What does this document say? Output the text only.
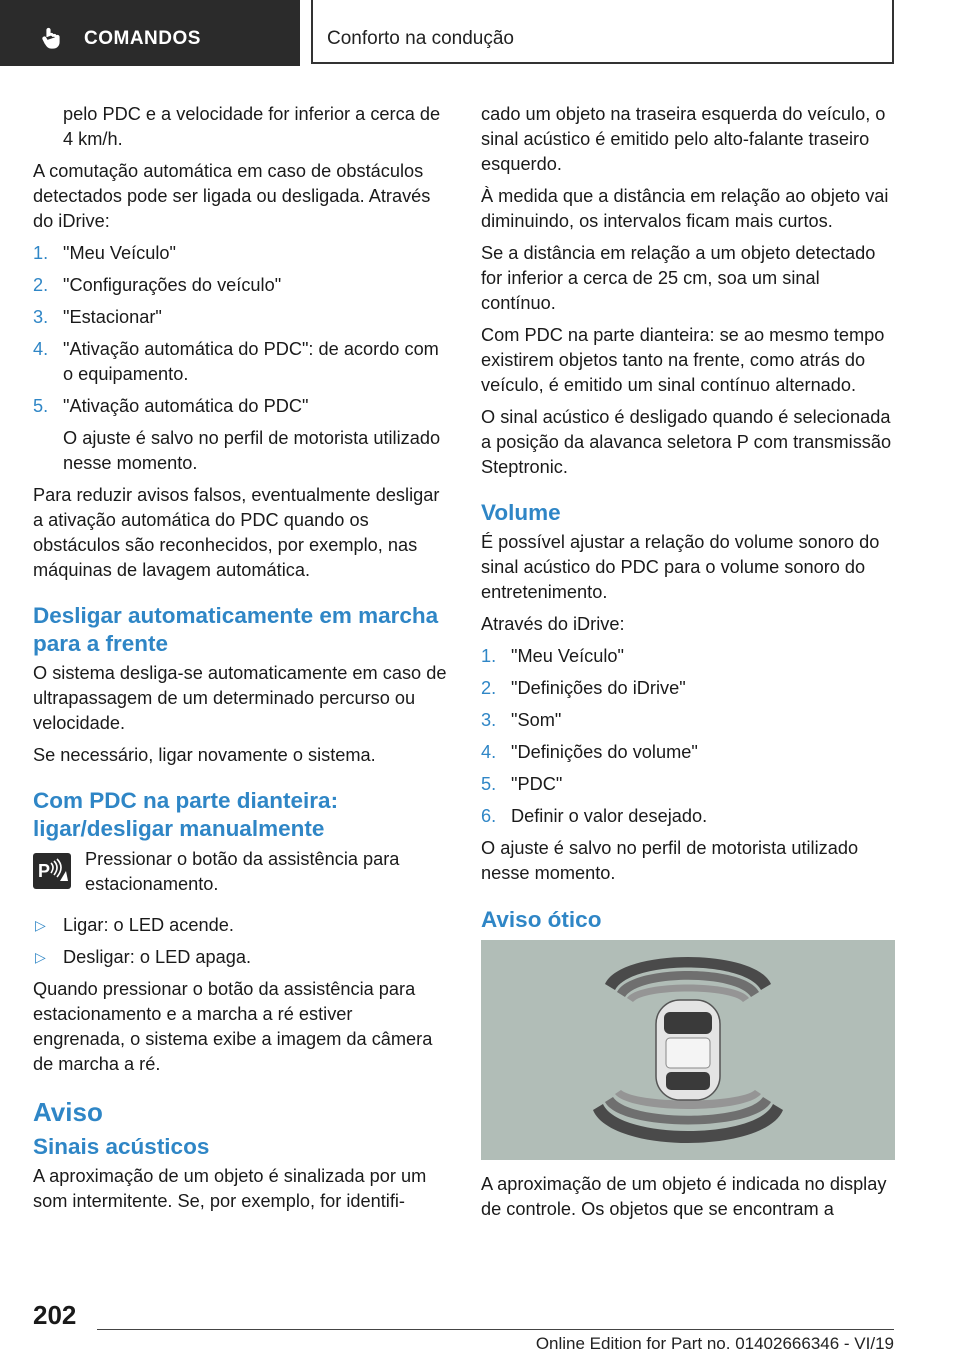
COMANDOS	Conforto na condução

pelo PDC e a velocidade for inferior a cerca de 4 km/h.

A comutação automática em caso de obstáculos detectados pode ser ligada ou desligada. Através do iDrive:

1. "Meu Veículo"
2. "Configurações do veículo"
3. "Estacionar"
4. "Ativação automática do PDC": de acordo com o equipamento.
5. "Ativação automática do PDC"
O ajuste é salvo no perfil de motorista utilizado nesse momento.

Para reduzir avisos falsos, eventualmente desligar a ativação automática do PDC quando os obstáculos são reconhecidos, por exemplo, nas máquinas de lavagem automática.

Desligar automaticamente em marcha para a frente

O sistema desliga-se automaticamente em caso de ultrapassagem de um determinado percurso ou velocidade.

Se necessário, ligar novamente o sistema.

Com PDC na parte dianteira: ligar/desligar manualmente
P
Pressionar o botão da assistência para estacionamento.
▷ Ligar: o LED acende.
▷ Desligar: o LED apaga.

Quando pressionar o botão da assistência para estacionamento e a marcha a ré estiver engrenada, o sistema exibe a imagem da câmera de marcha a ré.

Aviso
Sinais acústicos

A aproximação de um objeto é sinalizada por um som intermitente. Se, por exemplo, for identifi-

cado um objeto na traseira esquerda do veículo, o sinal acústico é emitido pelo alto-falante traseiro esquerdo.

À medida que a distância em relação ao objeto vai diminuindo, os intervalos ficam mais curtos.

Se a distância em relação a um objeto detectado for inferior a cerca de 25 cm, soa um sinal contínuo.

Com PDC na parte dianteira: se ao mesmo tempo existirem objetos tanto na frente, como atrás do veículo, é emitido um sinal contínuo alternado.

O sinal acústico é desligado quando é selecionada a posição da alavanca seletora P com transmissão Steptronic.

Volume

É possível ajustar a relação do volume sonoro do sinal acústico do PDC para o volume sonoro do entretenimento.

Através do iDrive:

1. "Meu Veículo"
2. "Definições do iDrive"
3. "Som"
4. "Definições do volume"
5. "PDC"
6. Definir o valor desejado.

O ajuste é salvo no perfil de motorista utilizado nesse momento.

Aviso ótico

A aproximação de um objeto é indicada no display de controle. Os objetos que se encontram a

202
Online Edition for Part no. 01402666346 - VI/19
